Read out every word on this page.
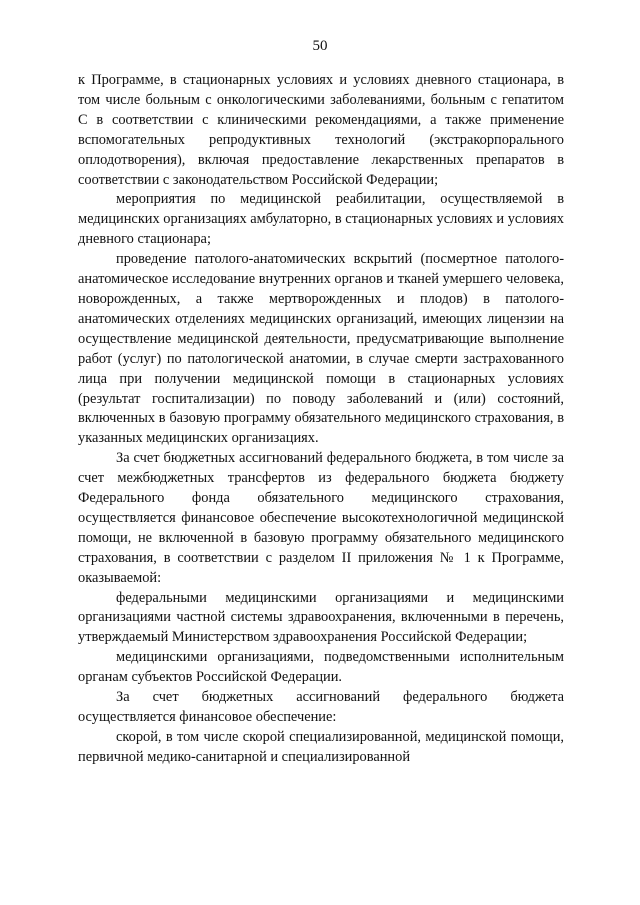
50

к Программе, в стационарных условиях и условиях дневного стационара, в том числе больным с онкологическими заболеваниями, больным с гепатитом С в соответствии с клиническими рекомендациями, а также применение вспомогательных репродуктивных технологий (экстракорпорального оплодотворения), включая предоставление лекарственных препаратов в соответствии с законодательством Российской Федерации;

мероприятия по медицинской реабилитации, осуществляемой в медицинских организациях амбулаторно, в стационарных условиях и условиях дневного стационара;

проведение патолого-анатомических вскрытий (посмертное патолого-анатомическое исследование внутренних органов и тканей умершего человека, новорожденных, а также мертворожденных и плодов) в патолого-анатомических отделениях медицинских организаций, имеющих лицензии на осуществление медицинской деятельности, предусматривающие выполнение работ (услуг) по патологической анатомии, в случае смерти застрахованного лица при получении медицинской помощи в стационарных условиях (результат госпитализации) по поводу заболеваний и (или) состояний, включенных в базовую программу обязательного медицинского страхования, в указанных медицинских организациях.

За счет бюджетных ассигнований федерального бюджета, в том числе за счет межбюджетных трансфертов из федерального бюджета бюджету Федерального фонда обязательного медицинского страхования, осуществляется финансовое обеспечение высокотехнологичной медицинской помощи, не включенной в базовую программу обязательного медицинского страхования, в соответствии с разделом II приложения № 1 к Программе, оказываемой:

федеральными медицинскими организациями и медицинскими организациями частной системы здравоохранения, включенными в перечень, утверждаемый Министерством здравоохранения Российской Федерации;

медицинскими организациями, подведомственными исполнительным органам субъектов Российской Федерации.

За счет бюджетных ассигнований федерального бюджета осуществляется финансовое обеспечение:

скорой, в том числе скорой специализированной, медицинской помощи, первичной медико-санитарной и специализированной
